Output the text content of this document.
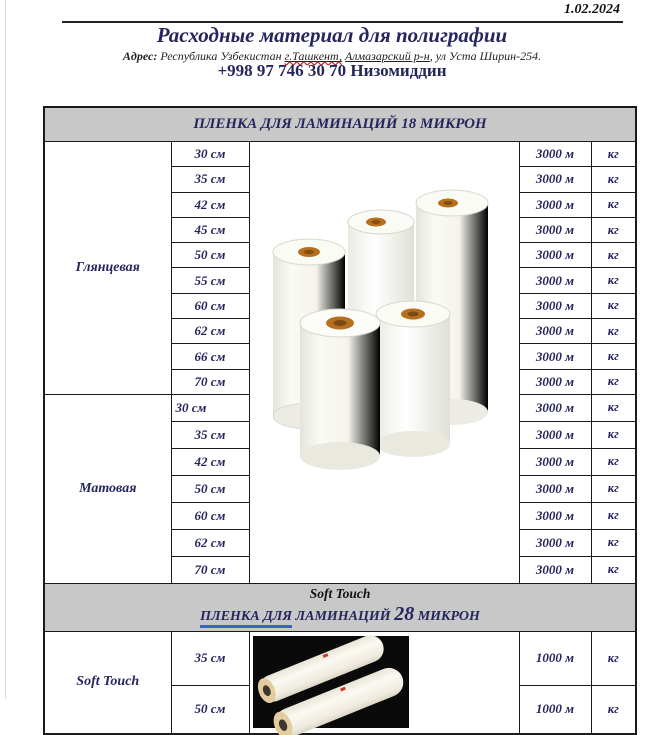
1.02.2024
Расходные материал для полиграфии
Адрес: Республика Узбекистан г.Ташкент, Алмазарский р-н, ул Уста Ширин-254.
+998 97 746 30 70 Низомиддин
ПЛЕНКА ДЛЯ ЛАМИНАЦИЙ 18 МИКРОН				
Глянцевая	30 см		3000 м	кг
	35 см		3000 м	кг
	42 см		3000 м	кг
	45 см		3000 м	кг
	50 см		3000 м	кг
	55 см		3000 м	кг
	60 см		3000 м	кг
	62 см		3000 м	кг
	66 см		3000 м	кг
	70 см		3000 м	кг
Матовая	30 см		3000 м	кг
	35 см		3000 м	кг
	42 см		3000 м	кг
	50 см		3000 м	кг
	60 см		3000 м	кг
	62 см		3000 м	кг
	70 см		3000 м	кг

Soft Touch
ПЛЕНКА ДЛЯ ЛАМИНАЦИЙ 28 МИКРОН				

Soft Touch	35 см		1000 м	кг
	50 см		1000 м	кг
